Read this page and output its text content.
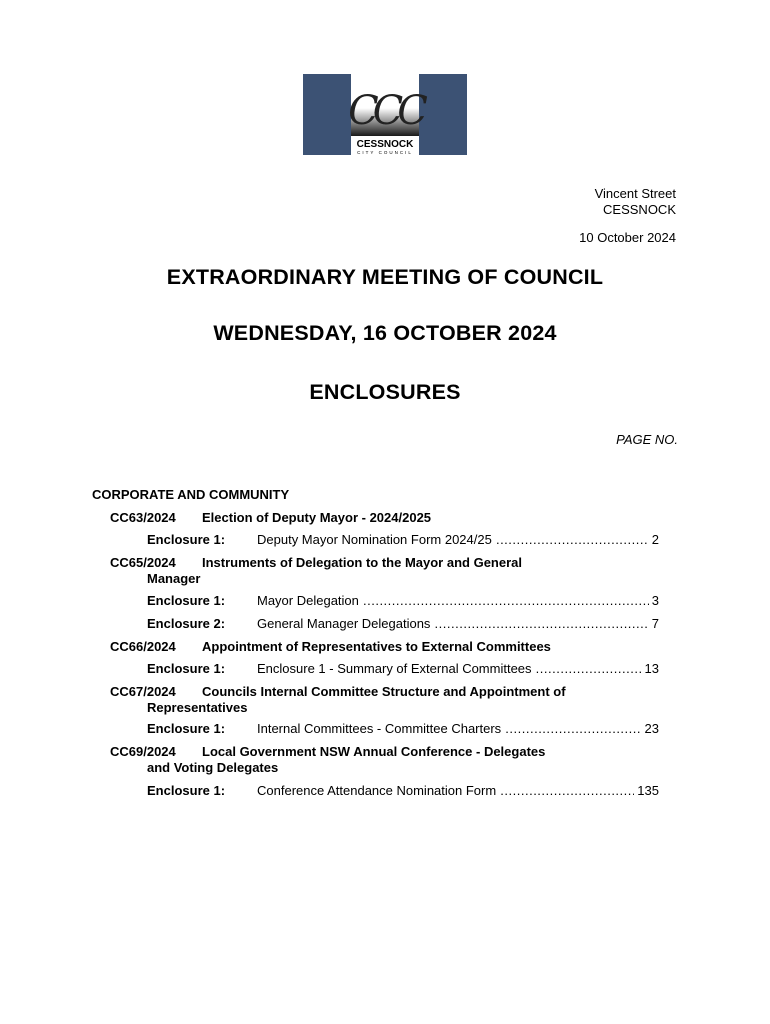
CCC
CESSNOCK
CITY COUNCIL
Vincent Street
CESSNOCK
10 October 2024
EXTRAORDINARY MEETING OF COUNCIL
WEDNESDAY, 16 OCTOBER 2024
ENCLOSURES
PAGE NO.
CORPORATE AND COMMUNITY
CC63/2024 Election of Deputy Mayor - 2024/2025
Enclosure 1:	Deputy Mayor Nomination Form 2024/25 .....	2
CC65/2024 Instruments of Delegation to the Mayor and General
Manager
Enclosure 1:	Mayor Delegation .....	3
Enclosure 2:	General Manager Delegations .....	7
CC66/2024 Appointment of Representatives to External Committees
Enclosure 1:	Enclosure 1 - Summary of External Committees .....	13
CC67/2024 Councils Internal Committee Structure and Appointment of
Representatives
Enclosure 1:	Internal Committees - Committee Charters .....	23
CC69/2024 Local Government NSW Annual Conference - Delegates
and Voting Delegates
Enclosure 1:	Conference Attendance Nomination Form .....	135
